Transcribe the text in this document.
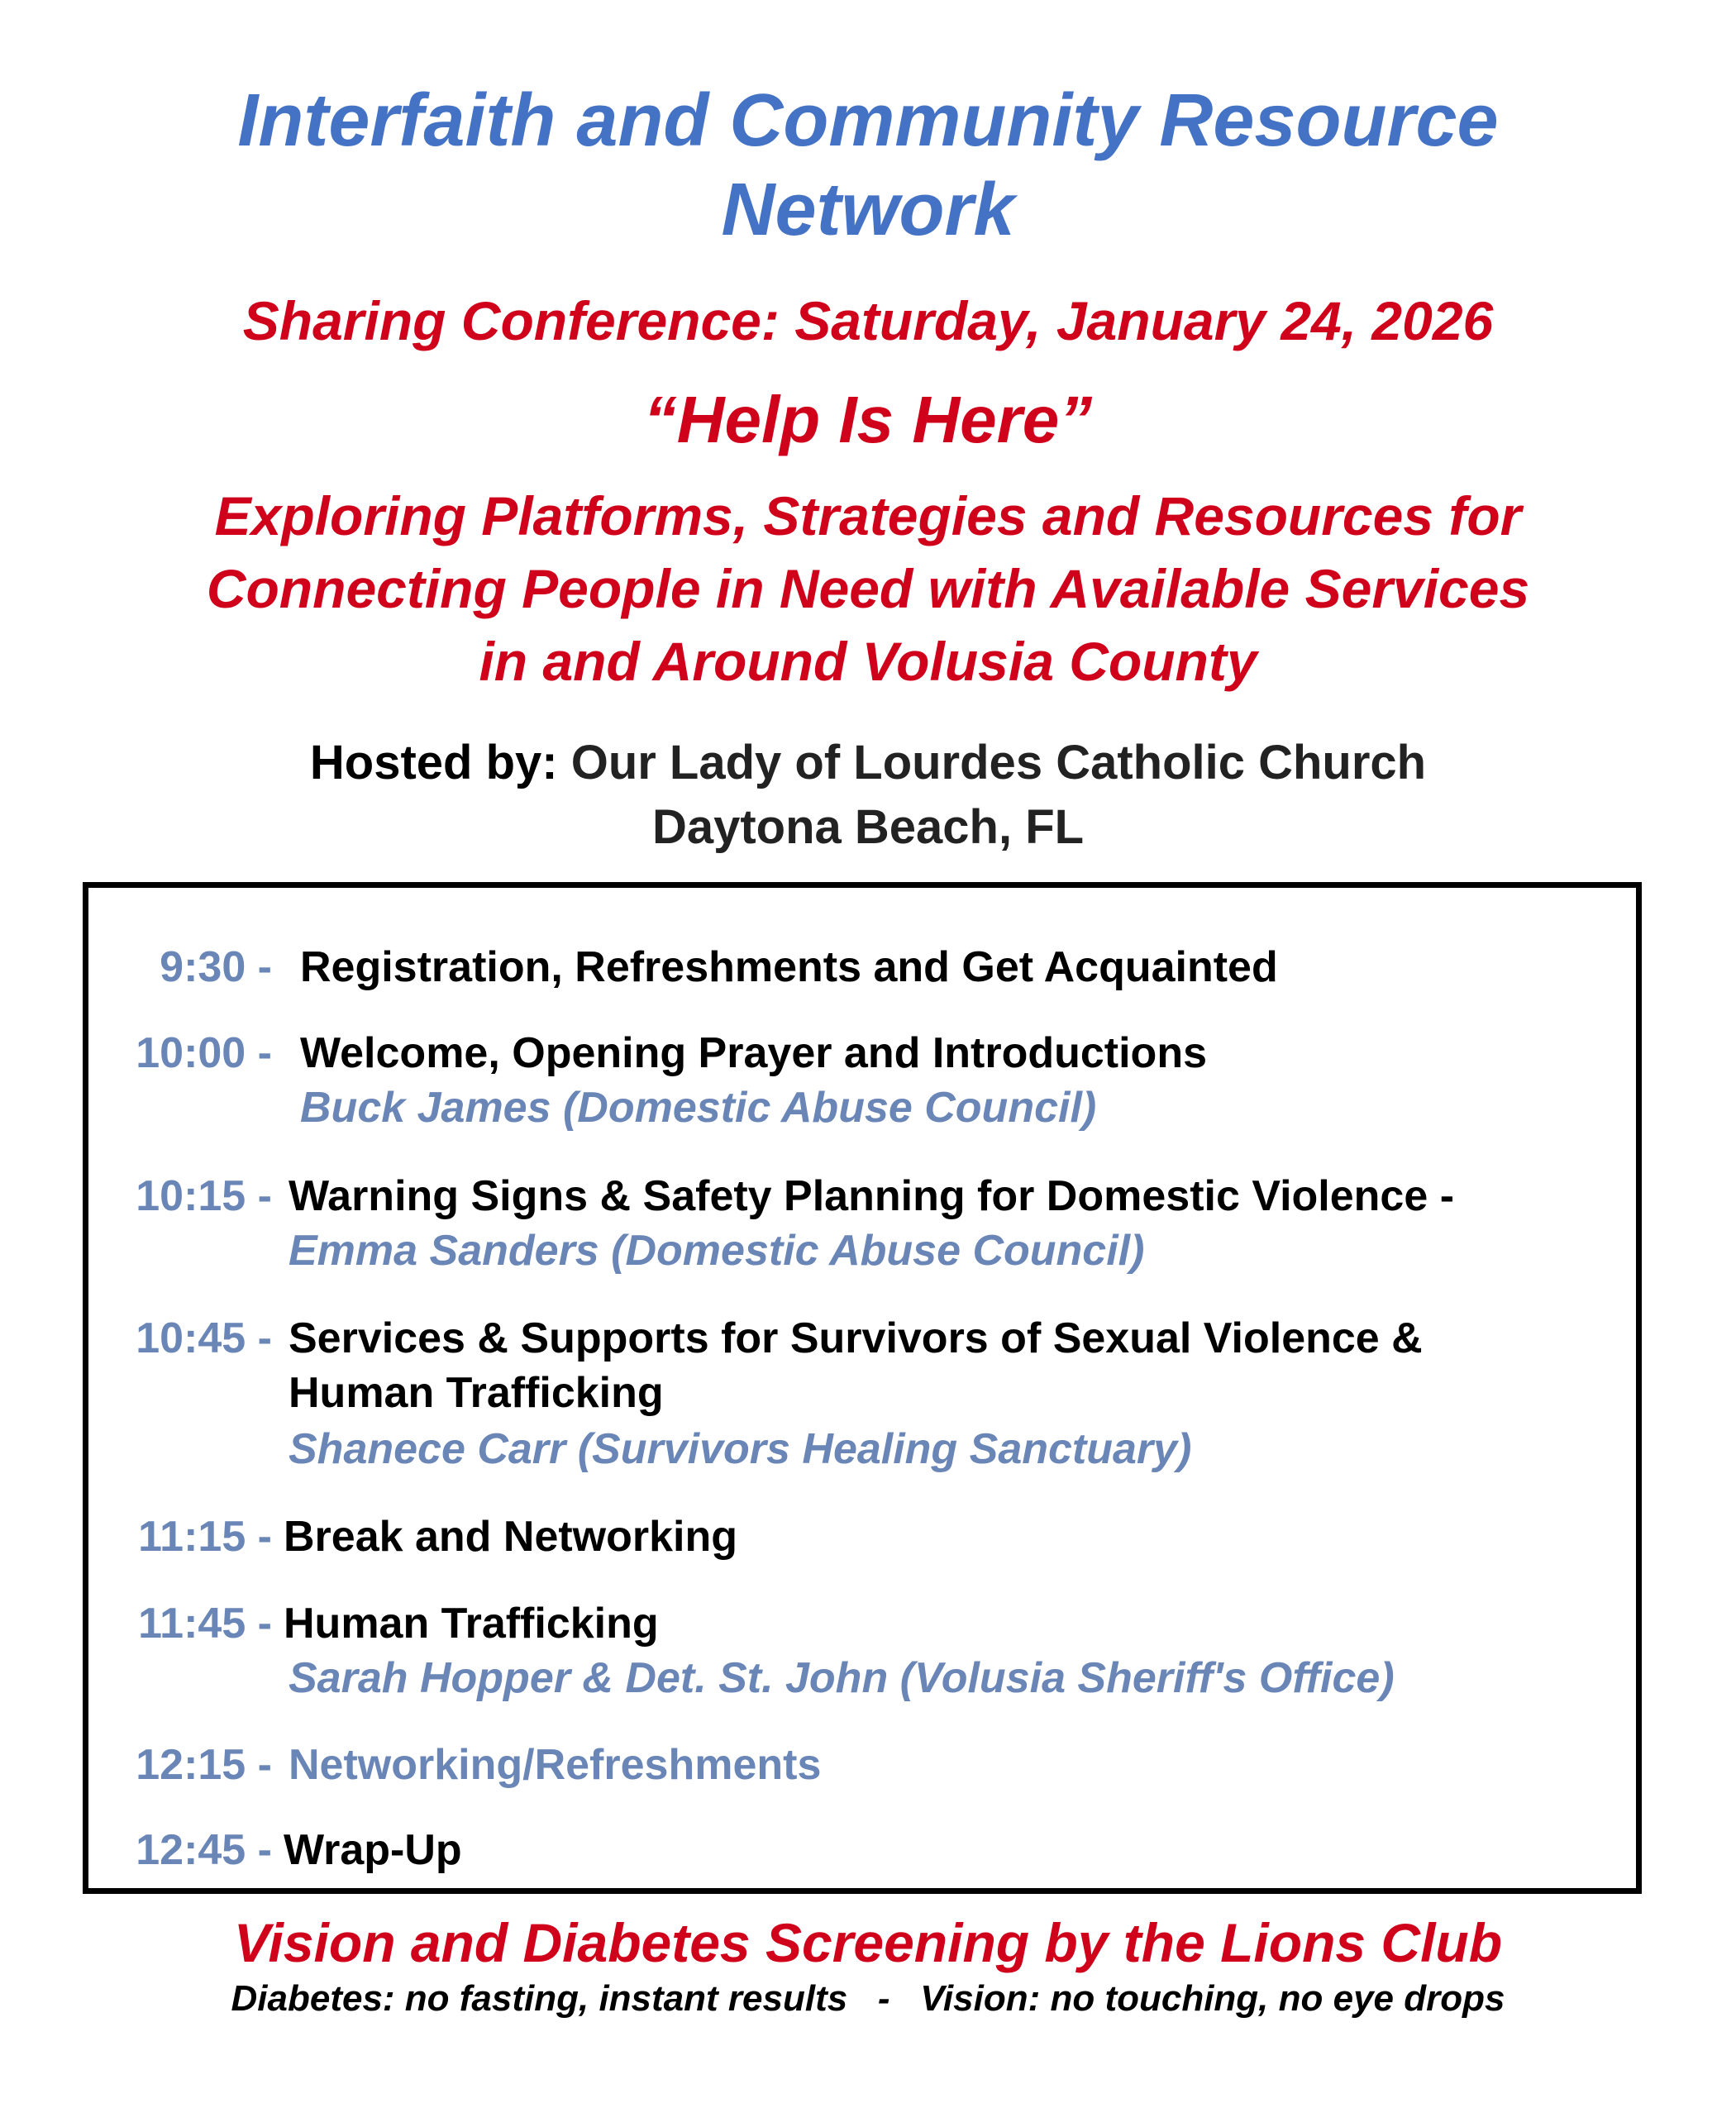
Interfaith and Community Resource
Network
Sharing Conference: Saturday, January 24, 2026
“Help Is Here”
Exploring Platforms, Strategies and Resources for
Connecting People in Need with Available Services
in and Around Volusia County
Hosted by: Our Lady of Lourdes Catholic Church
Daytona Beach, FL
9:30 - Registration, Refreshments and Get Acquainted
10:00 - Welcome, Opening Prayer and Introductions
Buck James (Domestic Abuse Council)
10:15 - Warning Signs & Safety Planning for Domestic Violence -
Emma Sanders (Domestic Abuse Council)
10:45 - Services & Supports for Survivors of Sexual Violence &
Human Trafficking
Shanece Carr (Survivors Healing Sanctuary)
11:15 - Break and Networking
11:45 - Human Trafficking
Sarah Hopper & Det. St. John (Volusia Sheriff's Office)
12:15 - Networking/Refreshments
12:45 - Wrap-Up
Vision and Diabetes Screening by the Lions Club
Diabetes: no fasting, instant results   -   Vision: no touching, no eye drops
